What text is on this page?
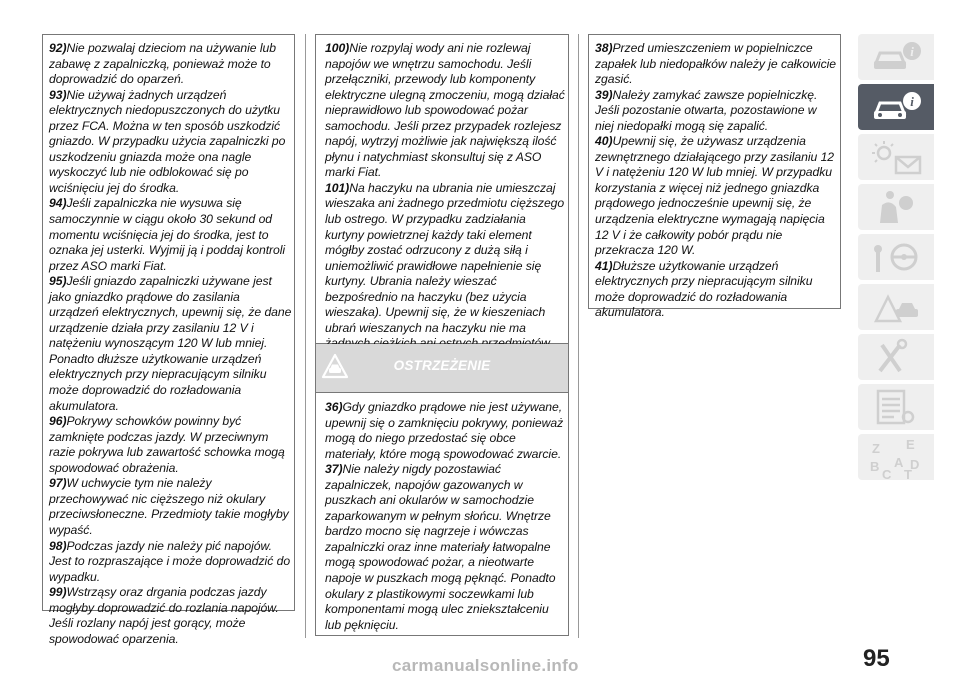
92)Nie pozwalaj dzieciom na używanie lub zabawę z zapalniczką, ponieważ może to doprowadzić do oparzeń.

93)Nie używaj żadnych urządzeń elektrycznych niedopuszczonych do użytku przez FCA. Można w ten sposób uszkodzić gniazdo. W przypadku użycia zapalniczki po uszkodzeniu gniazda może ona nagle wyskoczyć lub nie odblokować się po wciśnięciu jej do środka.

94)Jeśli zapalniczka nie wysuwa się samoczynnie w ciągu około 30 sekund od momentu wciśnięcia jej do środka, jest to oznaka jej usterki. Wyjmij ją i poddaj kontroli przez ASO marki Fiat.

95)Jeśli gniazdo zapalniczki używane jest jako gniazdko prądowe do zasilania urządzeń elektrycznych, upewnij się, że dane urządzenie działa przy zasilaniu 12 V i natężeniu wynoszącym 120 W lub mniej. Ponadto dłuższe użytkowanie urządzeń elektrycznych przy niepracującym silniku może doprowadzić do rozładowania akumulatora.

96)Pokrywy schowków powinny być zamknięte podczas jazdy. W przeciwnym razie pokrywa lub zawartość schowka mogą spowodować obrażenia.

97)W uchwycie tym nie należy przechowywać nic cięższego niż okulary przeciwsłoneczne. Przedmioty takie mogłyby wypaść.

98)Podczas jazdy nie należy pić napojów. Jest to rozpraszające i może doprowadzić do wypadku.

99)Wstrząsy oraz drgania podczas jazdy mogłyby doprowadzić do rozlania napojów. Jeśli rozlany napój jest gorący, może spowodować oparzenia.

100)Nie rozpylaj wody ani nie rozlewaj napojów we wnętrzu samochodu. Jeśli przełączniki, przewody lub komponenty elektryczne ulegną zmoczeniu, mogą działać nieprawidłowo lub spowodować pożar samochodu. Jeśli przez przypadek rozlejesz napój, wytrzyj możliwie jak największą ilość płynu i natychmiast skonsultuj się z ASO marki Fiat.

101)Na haczyku na ubrania nie umieszczaj wieszaka ani żadnego przedmiotu cięższego lub ostrego. W przypadku zadziałania kurtyny powietrznej każdy taki element mógłby zostać odrzucony z dużą siłą i uniemożliwić prawidłowe napełnienie się kurtyny. Ubrania należy wieszać bezpośrednio na haczyku (bez użycia wieszaka). Upewnij się, że w kieszeniach ubrań wieszanych na haczyku nie ma

OSTRZEŻENIE

36)Gdy gniazdko prądowe nie jest używane, upewnij się o zamknięciu pokrywy, ponieważ mogą do niego przedostać się obce materiały, które mogą spowodować zwarcie.

37)Nie należy nigdy pozostawiać zapalniczek, napojów gazowanych w puszkach ani okularów w samochodzie zaparkowanym w pełnym słońcu. Wnętrze bardzo mocno się nagrzeje i wówczas zapalniczki oraz inne materiały łatwopalne mogą spowodować pożar, a nieotwarte napoje w puszkach mogą pęknąć. Ponadto okulary z plastikowymi soczewkami lub komponentami mogą ulec zniekształceniu lub pęknięciu.

38)Przed umieszczeniem w popielniczce zapałek lub niedopałków należy je całkowicie zgasić.

39)Należy zamykać zawsze popielniczkę. Jeśli pozostanie otwarta, pozostawione w niej niedopałki mogą się zapalić.

40)Upewnij się, że używasz urządzenia zewnętrznego działającego przy zasilaniu 12 V i natężeniu 120 W lub mniej. W przypadku korzystania z więcej niż jednego gniazdka prądowego jednocześnie upewnij się, że urządzenia elektryczne wymagają napięcia 12 V i że całkowity pobór prądu nie przekracza 120 W.

41)Dłuższe użytkowanie urządzeń elektrycznych przy niepracującym silniku może doprowadzić do rozładowania akumulatora.

i
i
Z E
B A
C T
D
95
carmanualsonline.info
